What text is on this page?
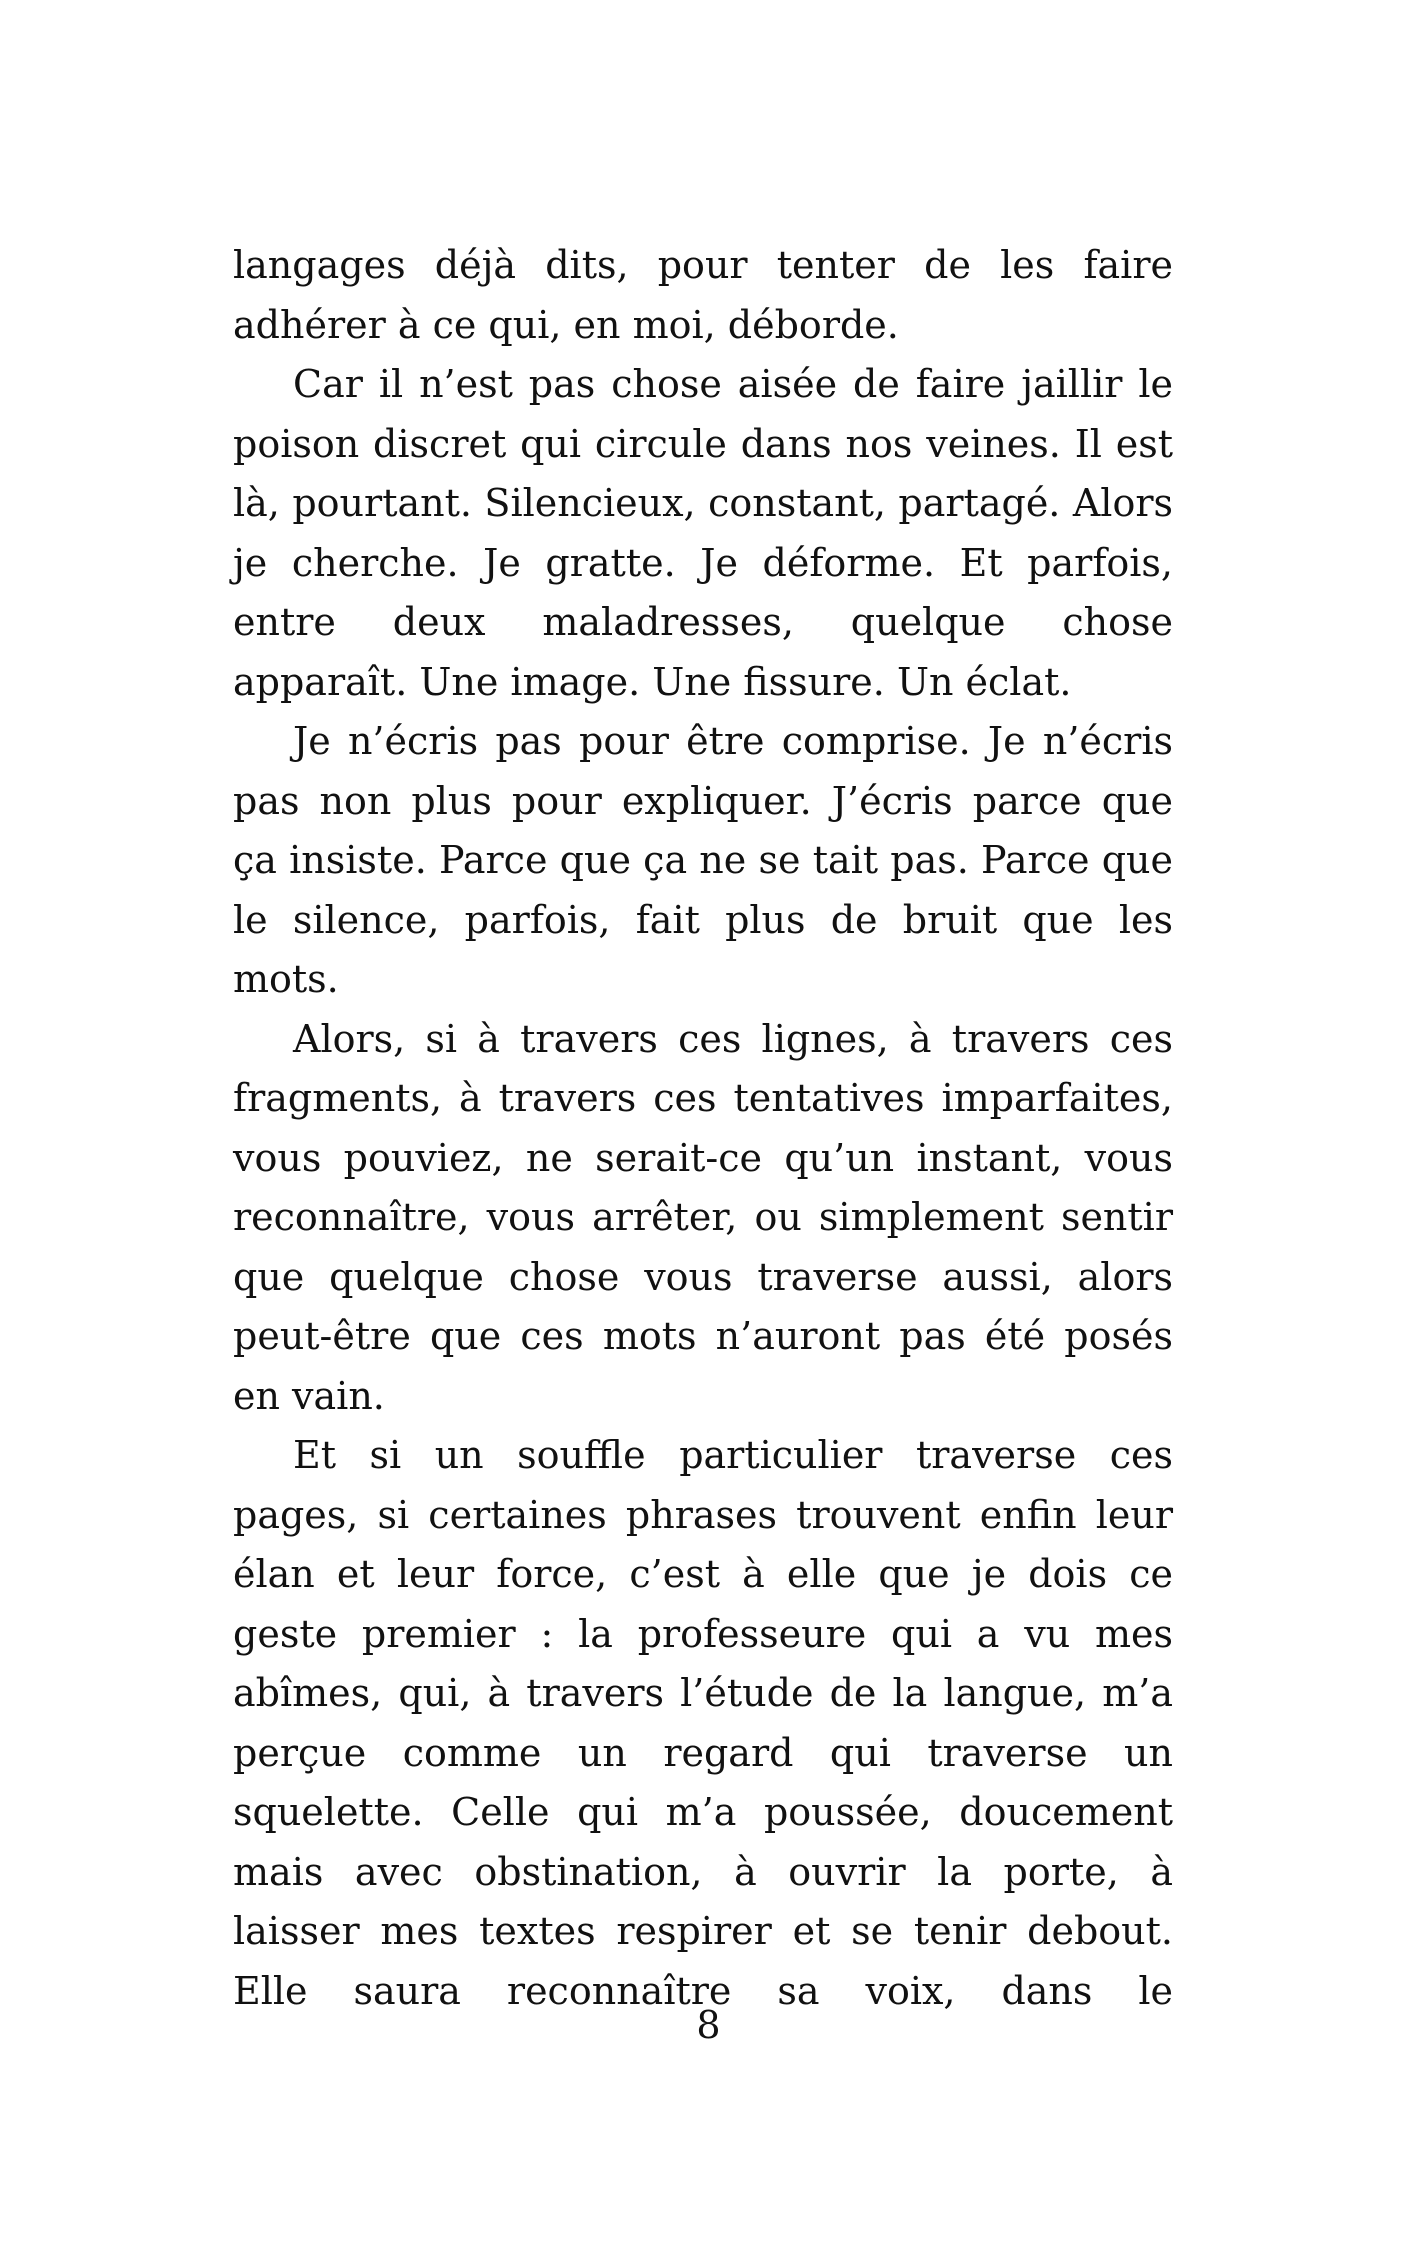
langages déjà dits, pour tenter de les faire adhérer à ce qui, en moi, déborde.

Car il n’est pas chose aisée de faire jaillir le poison discret qui circule dans nos veines. Il est là, pourtant. Silencieux, constant, partagé. Alors je cherche. Je gratte. Je déforme. Et parfois, entre deux maladresses, quelque chose apparaît. Une image. Une fissure. Un éclat.

Je n’écris pas pour être comprise. Je n’écris pas non plus pour expliquer. J’écris parce que ça insiste. Parce que ça ne se tait pas. Parce que le silence, parfois, fait plus de bruit que les mots.

Alors, si à travers ces lignes, à travers ces fragments, à travers ces tentatives imparfaites, vous pouviez, ne serait-ce qu’un instant, vous reconnaître, vous arrêter, ou simplement sentir que quelque chose vous traverse aussi, alors peut-être que ces mots n’auront pas été posés en vain.

Et si un souffle particulier traverse ces pages, si certaines phrases trouvent enfin leur élan et leur force, c’est à elle que je dois ce geste premier : la professeure qui a vu mes abîmes, qui, à travers l’étude de la langue, m’a perçue comme un regard qui traverse un squelette. Celle qui m’a poussée, doucement mais avec obstination, à ouvrir la porte, à laisser mes textes respirer et se tenir debout. Elle saura reconnaître sa voix, dans le

8
